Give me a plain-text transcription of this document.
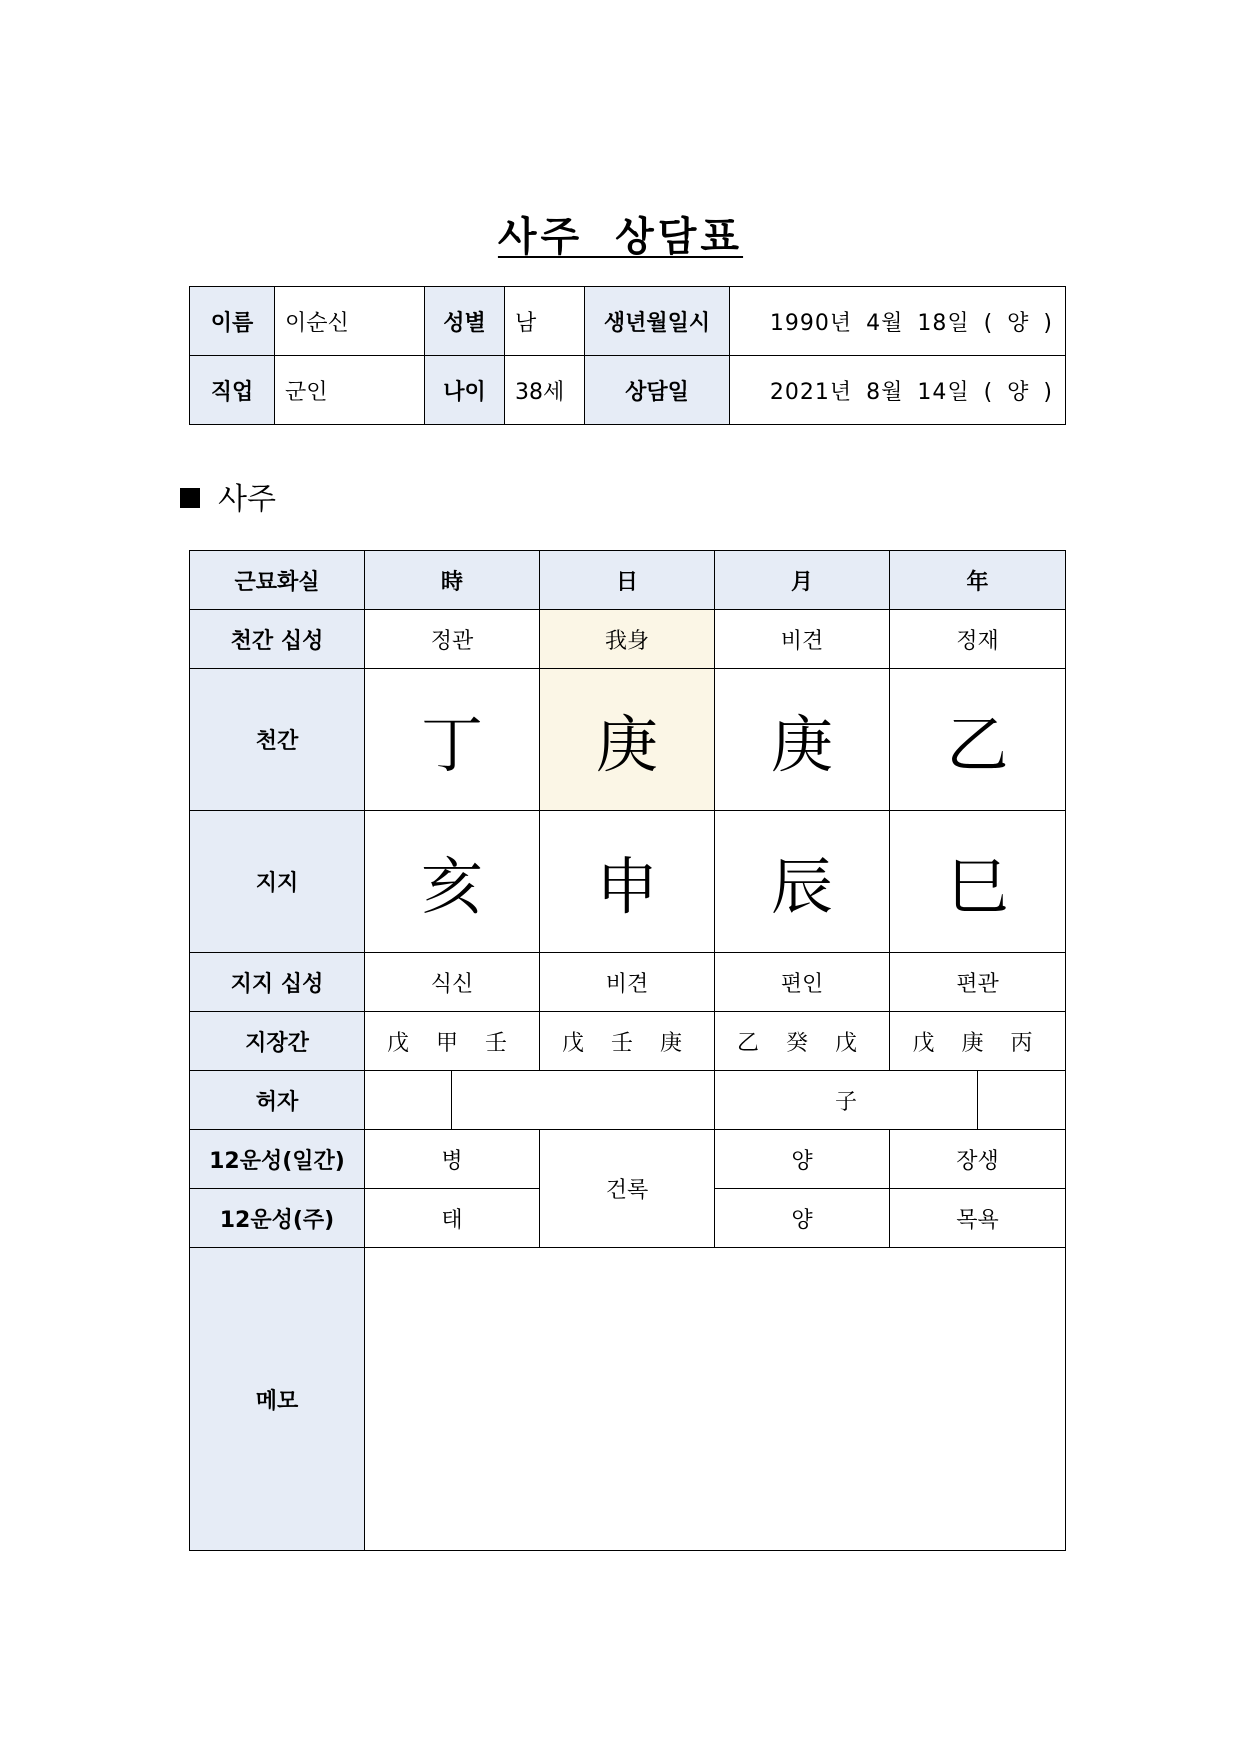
사주 상담표
이름	이순신	성별	남	생년월일시	1990년 4월 18일 ( 양 )
직업	군인	나이	38세	상담일	2021년 8월 14일 ( 양 )
사주
근묘화실	時		日	月	年		
천간 십성	정관		我身	비견	정재		
천간	丁		庚	庚	乙		
지지	亥		申	辰	巳		
지지 십성	식신		비견	편인	편관		
지장간	戊 甲 壬		戊 壬 庚	乙 癸 戊	戊 庚 丙		
허자				子			
12운성(일간)	병		건록	양	장생		
12운성(주)	태			양	목욕		
메모							
